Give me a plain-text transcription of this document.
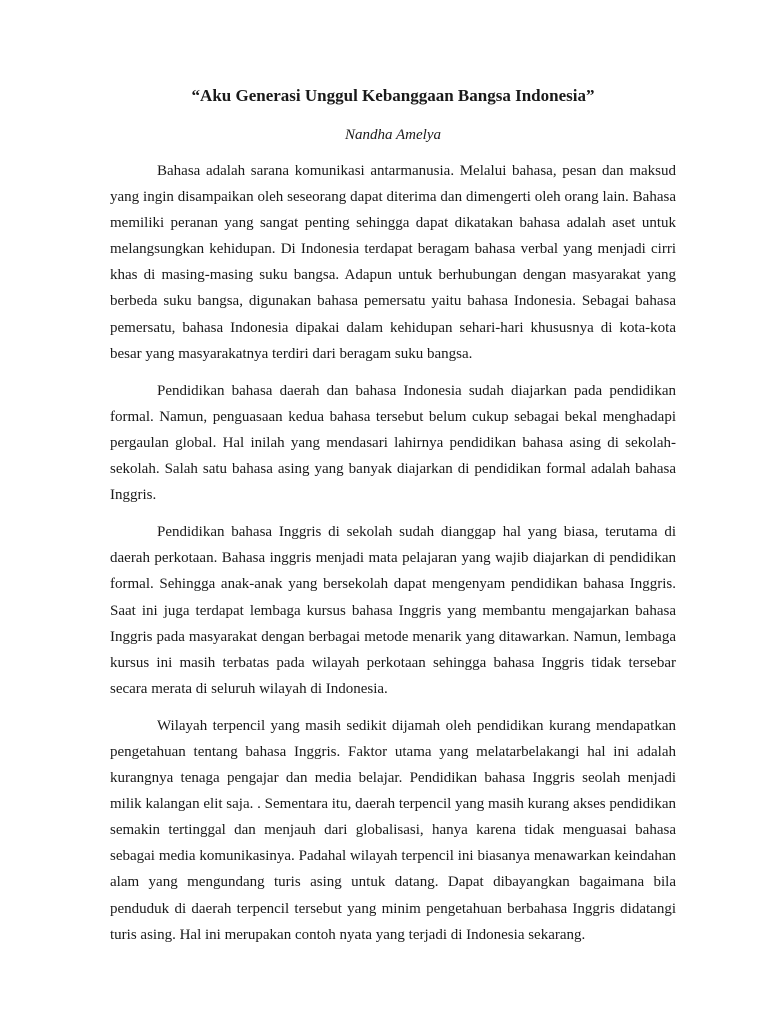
“Aku Generasi Unggul Kebanggaan Bangsa Indonesia”
Nandha Amelya

Bahasa adalah sarana komunikasi antarmanusia. Melalui bahasa, pesan dan maksud yang ingin disampaikan oleh seseorang dapat diterima dan dimengerti oleh orang lain. Bahasa memiliki peranan yang sangat penting sehingga dapat dikatakan bahasa adalah aset untuk melangsungkan kehidupan. Di Indonesia terdapat beragam bahasa verbal yang menjadi cirri khas di masing-masing suku bangsa. Adapun untuk berhubungan dengan masyarakat yang berbeda suku bangsa, digunakan bahasa pemersatu yaitu bahasa Indonesia. Sebagai bahasa pemersatu, bahasa Indonesia dipakai dalam kehidupan sehari-hari khususnya di kota-kota besar yang masyarakatnya terdiri dari beragam suku bangsa.

Pendidikan bahasa daerah dan bahasa Indonesia sudah diajarkan pada pendidikan formal. Namun, penguasaan kedua bahasa tersebut belum cukup sebagai bekal menghadapi pergaulan global. Hal inilah yang mendasari lahirnya pendidikan bahasa asing di sekolah-sekolah. Salah satu bahasa asing yang banyak diajarkan di pendidikan formal adalah bahasa Inggris.

Pendidikan bahasa Inggris di sekolah sudah dianggap hal yang biasa, terutama di daerah perkotaan. Bahasa inggris menjadi mata pelajaran yang wajib diajarkan di pendidikan formal. Sehingga anak-anak yang bersekolah dapat mengenyam pendidikan bahasa Inggris. Saat ini juga terdapat lembaga kursus bahasa Inggris yang membantu mengajarkan bahasa Inggris pada masyarakat dengan berbagai metode menarik yang ditawarkan. Namun, lembaga kursus ini masih terbatas pada wilayah perkotaan sehingga bahasa Inggris tidak tersebar secara merata di seluruh wilayah di Indonesia.

Wilayah terpencil yang masih sedikit dijamah oleh pendidikan kurang mendapatkan pengetahuan tentang bahasa Inggris. Faktor utama yang melatarbelakangi hal ini adalah kurangnya tenaga pengajar dan media belajar. Pendidikan bahasa Inggris seolah menjadi milik kalangan elit saja. . Sementara itu, daerah terpencil yang masih kurang akses pendidikan semakin tertinggal dan menjauh dari globalisasi, hanya karena tidak menguasai bahasa sebagai media komunikasinya. Padahal wilayah terpencil ini biasanya menawarkan keindahan alam yang mengundang turis asing untuk datang. Dapat dibayangkan bagaimana bila penduduk di daerah terpencil tersebut yang minim pengetahuan berbahasa Inggris didatangi turis asing. Hal ini merupakan contoh nyata yang terjadi di Indonesia sekarang.
